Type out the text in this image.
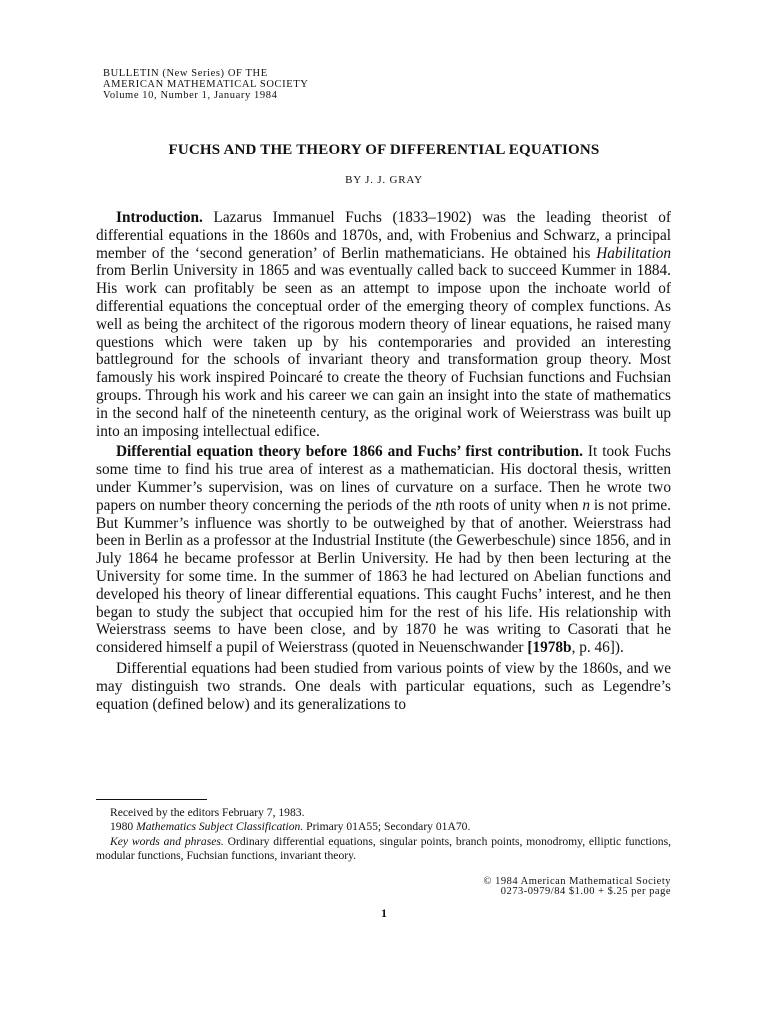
BULLETIN (New Series) OF THE
AMERICAN MATHEMATICAL SOCIETY
Volume 10, Number 1, January 1984
FUCHS AND THE THEORY OF DIFFERENTIAL EQUATIONS
BY J. J. GRAY

Introduction. Lazarus Immanuel Fuchs (1833–1902) was the leading theorist of differential equations in the 1860s and 1870s, and, with Frobenius and Schwarz, a principal member of the ‘second generation’ of Berlin mathematicians. He obtained his Habilitation from Berlin University in 1865 and was eventually called back to succeed Kummer in 1884. His work can profitably be seen as an attempt to impose upon the inchoate world of differential equations the conceptual order of the emerging theory of complex functions. As well as being the architect of the rigorous modern theory of linear equations, he raised many questions which were taken up by his contemporaries and provided an interesting battleground for the schools of invariant theory and transformation group theory. Most famously his work inspired Poincaré to create the theory of Fuchsian functions and Fuchsian groups. Through his work and his career we can gain an insight into the state of mathematics in the second half of the nineteenth century, as the original work of Weierstrass was built up into an imposing intellectual edifice.

Differential equation theory before 1866 and Fuchs’ first contribution. It took Fuchs some time to find his true area of interest as a mathematician. His doctoral thesis, written under Kummer’s supervision, was on lines of curvature on a surface. Then he wrote two papers on number theory concerning the periods of the nth roots of unity when n is not prime. But Kummer’s influence was shortly to be outweighed by that of another. Weierstrass had been in Berlin as a professor at the Industrial Institute (the Gewerbeschule) since 1856, and in July 1864 he became professor at Berlin University. He had by then been lecturing at the University for some time. In the summer of 1863 he had lectured on Abelian functions and developed his theory of linear differential equations. This caught Fuchs’ interest, and he then began to study the subject that occupied him for the rest of his life. His relationship with Weierstrass seems to have been close, and by 1870 he was writing to Casorati that he considered himself a pupil of Weierstrass (quoted in Neuenschwander [1978b, p. 46]).

Differential equations had been studied from various points of view by the 1860s, and we may distinguish two strands. One deals with particular equations, such as Legendre’s equation (defined below) and its generalizations to

Received by the editors February 7, 1983.

1980 Mathematics Subject Classification. Primary 01A55; Secondary 01A70.

Key words and phrases. Ordinary differential equations, singular points, branch points, monodromy, elliptic functions, modular functions, Fuchsian functions, invariant theory.

© 1984 American Mathematical Society
0273-0979/84 $1.00 + $.25 per page
1
